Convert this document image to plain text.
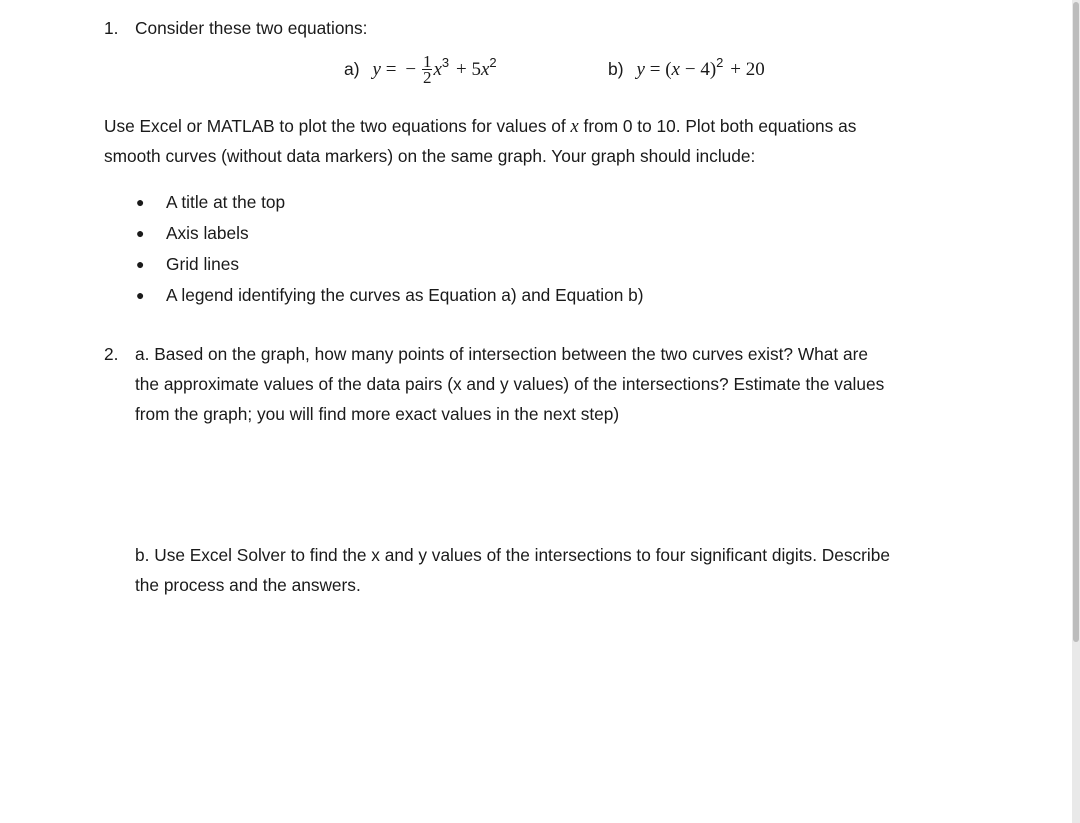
1. Consider these two equations:
a) y = − $\frac{1}{2} x^3 + 5x^2$	b) $y = (x - 4)^2 + 20$

Use Excel or MATLAB to plot the two equations for values of x from 0 to 10. Plot both equations as

smooth curves (without data markers) on the same graph. Your graph should include:

● A title at the top
● Axis labels
● Grid lines
● A legend identifying the curves as Equation a) and Equation b)
2. a. Based on the graph, how many points of intersection between the two curves exist? What are

the approximate values of the data pairs (x and y values) of the intersections? Estimate the values

from the graph; you will find more exact values in the next step)

b. Use Excel Solver to find the x and y values of the intersections to four significant digits. Describe

the process and the answers.
